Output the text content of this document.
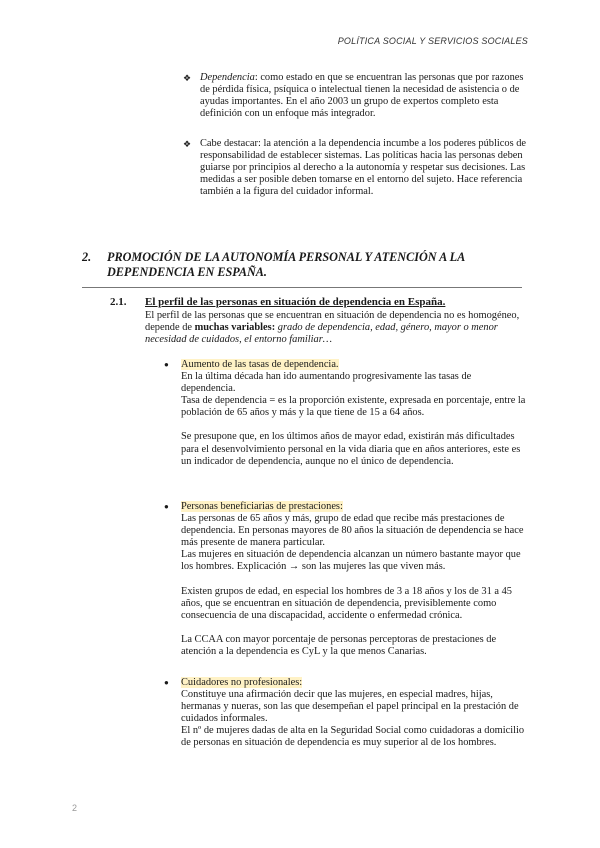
POLÍTICA SOCIAL Y SERVICIOS SOCIALES
❖ Dependencia: como estado en que se encuentran las personas que por razones de pérdida física, psíquica o intelectual tienen la necesidad de asistencia o de ayudas importantes. En el año 2003 un grupo de expertos completo esta definición con un enfoque más integrador.

❖ Cabe destacar: la atención a la dependencia incumbe a los poderes públicos de responsabilidad de establecer sistemas. Las políticas hacia las personas deben guiarse por principios al derecho a la autonomía y respetar sus decisiones. Las medidas a ser posible deben tomarse en el entorno del sujeto. Hace referencia también a la figura del cuidador informal.

2. PROMOCIÓN DE LA AUTONOMÍA PERSONAL Y ATENCIÓN A LA DEPENDENCIA EN ESPAÑA.
2.1. El perfil de las personas en situación de dependencia en España.

El perfil de las personas que se encuentran en situación de dependencia no es homogéneo, depende de muchas variables: grado de dependencia, edad, género, mayor o menor necesidad de cuidados, el entorno familiar…

● Aumento de las tasas de dependencia.

En la última década han ido aumentando progresivamente las tasas de dependencia.

Tasa de dependencia = es la proporción existente, expresada en porcentaje, entre la población de 65 años y más y la que tiene de 15 a 64 años.

Se presupone que, en los últimos años de mayor edad, existirán más dificultades para el desenvolvimiento personal en la vida diaria que en años anteriores, este es un indicador de dependencia, aunque no el único de dependencia.

● Personas beneficiarias de prestaciones:

Las personas de 65 años y más, grupo de edad que recibe más prestaciones de dependencia. En personas mayores de 80 años la situación de dependencia se hace más presente de manera particular.

Las mujeres en situación de dependencia alcanzan un número bastante mayor que los hombres. Explicación → son las mujeres las que viven más.

Existen grupos de edad, en especial los hombres de 3 a 18 años y los de 31 a 45 años, que se encuentran en situación de dependencia, previsiblemente como consecuencia de una discapacidad, accidente o enfermedad crónica.

La CCAA con mayor porcentaje de personas perceptoras de prestaciones de atención a la dependencia es CyL y la que menos Canarias.

● Cuidadores no profesionales:

Constituye una afirmación decir que las mujeres, en especial madres, hijas, hermanas y nueras, son las que desempeñan el papel principal en la prestación de cuidados informales.

El nº de mujeres dadas de alta en la Seguridad Social como cuidadoras a domicilio de personas en situación de dependencia es muy superior al de los hombres.

2
